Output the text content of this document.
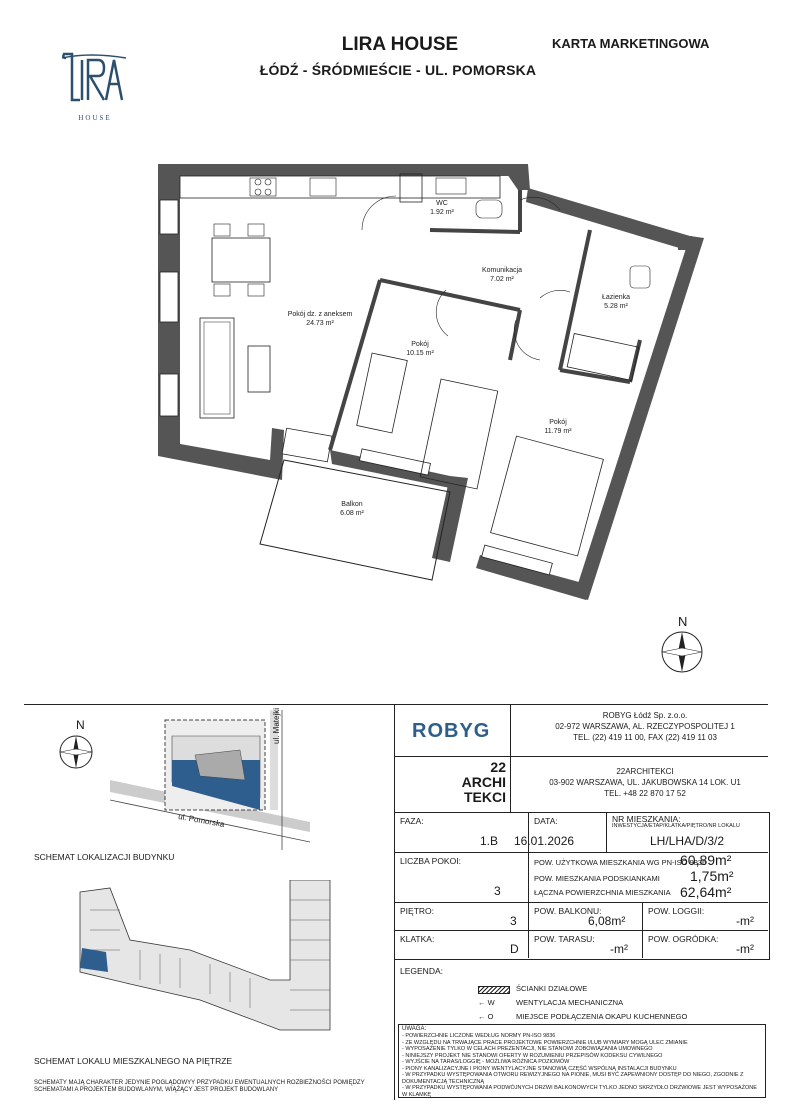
LIRA HOUSE
ŁÓDŹ - ŚRÓDMIEŚCIE - UL. POMORSKA
KARTA MARKETINGOWA
HOUSE
WC
1.92 m²
Komunikacja
7.02 m²
Łazienka
5.28 m²
Pokój dz. z aneksem
24.73 m²
Pokój
10.15 m²
Pokój
11.79 m²
Balkon
6.08 m²
N
N	ul. Matejki
ul. Pomorska
SCHEMAT LOKALIZACJI BUDYNKU
SCHEMAT LOKALU MIESZKALNEGO NA PIĘTRZE
SCHEMATY MAJĄ CHARAKTER JEDYNIE POGLĄDOWYY PRZYPADKU EWENTUALNYCH ROZBIEŻNOŚCI POMIĘDZY SCHEMATAMI A PROJEKTEM BUDOWLANYM, WIĄŻĄCY JEST PROJEKT BUDOWLANY
ROBYG
ROBYG Łódź Sp. z.o.o.
02-972 WARSZAWA, AL. RZECZYPOSPOLITEJ 1
TEL. (22) 419 11 00, FAX (22) 419 11 03
22
ARCHI
TEKCI
22ARCHITEKCI
03-902 WARSZAWA, UL. JAKUBOWSKA 14 LOK. U1
TEL. +48 22 870 17 52
FAZA:
1.B
DATA:
16.01.2026
NR MIESZKANIA:
INWESTYCJA/ETAP/KLATKA/PIĘTRO/NR LOKALU
LH/LHA/D/3/2
LICZBA POKOI:
3
POW. UŻYTKOWA MIESZKANIA WG PN-ISO 9836
60,89m²
POW. MIESZKANIA PODSKIANKAMI 1,75m²
ŁĄCZNA POWIERZCHNIA MIESZKANIA 62,64m²
PIĘTRO:
3
POW. BALKONU:
6,08m²
POW. LOGGII:
-m²
KLATKA:
D
POW. TARASU:
-m²
POW. OGRÓDKA:
-m²
LEGENDA:
ŚCIANKI DZIAŁOWE
← W	WENTYLACJA MECHANICZNA
← O	MIEJSCE PODŁĄCZENIA OKAPU KUCHENNEGO
UWAGA:
- POWIERZCHNIE LICZONE WEDŁUG NORMY PN-ISO 9836
- ZE WZGLĘDU NA TRWAJĄCE PRACE PROJEKTOWE POWIERZCHNIE I/LUB WYMIARY MOGĄ ULEC ZMIANIE
- WYPOSAŻENIE TYLKO W CELACH PREZENTACJI, NIE STANOWI ZOBOWIĄZANIA UMOWNEGO
- NINIEJSZY PROJEKT NIE STANOWI OFERTY W ROZUMIENIU PRZEPISÓW KODEKSU CYWILNEGO
- WYJŚCIE NA TARAS/LOGGIĘ - MOŻLIWA RÓŻNICA POZIOMÓW
- PIONY KANALIZACYJNE I PIONY WENTYLACYJNE STANOWIĄ CZĘŚĆ WSPÓLNĄ INSTALACJI BUDYNKU
- W PRZYPADKU WYSTĘPOWANIA OTWORU REWIZYJNEGO NA PIONIE, MUSI BYĆ ZAPEWNIONY DOSTĘP DO NIEGO, ZGODNIE Z DOKUMENTACJĄ TECHNICZNĄ
- W PRZYPADKU WYSTĘPOWANIA PODWÓJNYCH DRZWI BALKONOWYCH TYLKO JEDNO SKRZYDŁO DRZWIOWE JEST WYPOSAŻONE W KLAMKĘ
